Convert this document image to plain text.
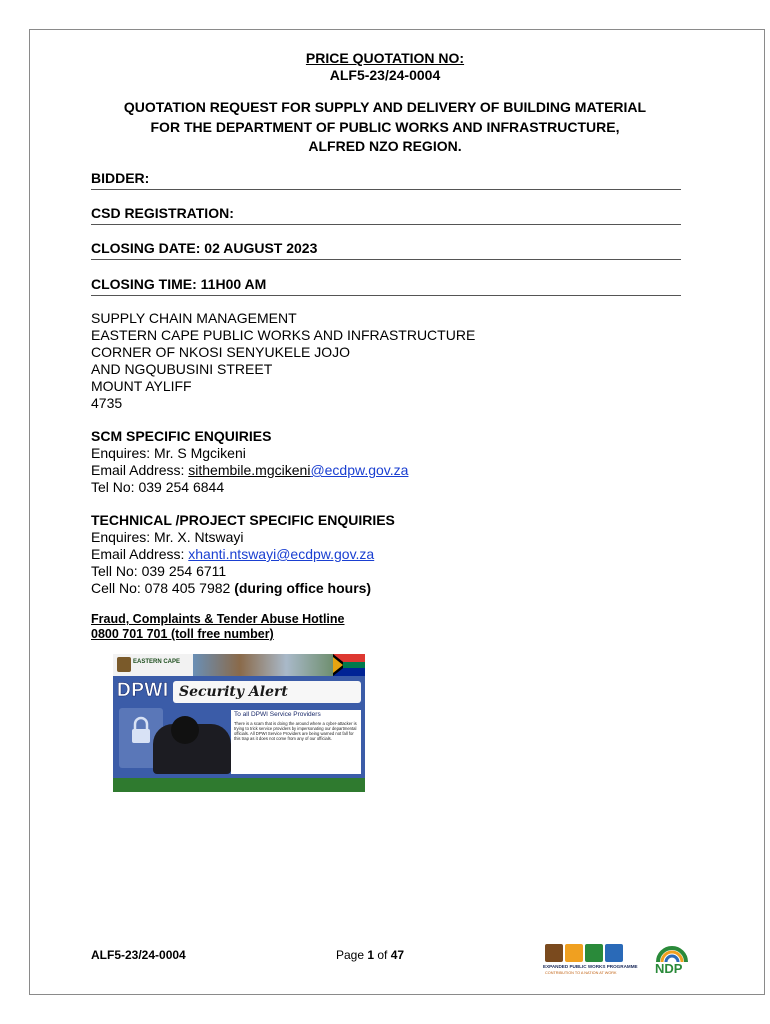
PRICE QUOTATION NO:
ALF5-23/24-0004
QUOTATION REQUEST FOR SUPPLY AND DELIVERY OF BUILDING MATERIAL
FOR THE DEPARTMENT OF PUBLIC WORKS AND INFRASTRUCTURE,
ALFRED NZO REGION.
BIDDER:
CSD REGISTRATION:
CLOSING DATE: 02 AUGUST 2023
CLOSING TIME: 11H00 AM
SUPPLY CHAIN MANAGEMENT
EASTERN CAPE PUBLIC WORKS AND INFRASTRUCTURE
CORNER OF NKOSI SENYUKELE JOJO
AND NGQUBUSINI STREET
MOUNT AYLIFF
4735
SCM SPECIFIC ENQUIRIES
Enquires: Mr. S Mgcikeni
Email Address: sithembile.mgcikeni@ecdpw.gov.za
Tel No: 039 254 6844
TECHNICAL /PROJECT SPECIFIC ENQUIRIES
Enquires: Mr. X. Ntswayi
Email Address: xhanti.ntswayi@ecdpw.gov.za
Tell No: 039 254 6711
Cell No: 078 405 7982 (during office hours)
Fraud, Complaints & Tender Abuse Hotline
0800 701 701 (toll free number)
EASTERN CAPE
DPWI Security Alert
To all DPWI Service Providers
There is a scam that is doing the around where a cyber-attacker is trying to trick service providers by impersonating our departmental officials. All DPWI Service Providers are being warned not fall for this trap as it does not come from any of our officials.
ALF5-23/24-0004	Page 1 of 47
EXPANDED PUBLIC WORKS PROGRAMME
CONTRIBUTION TO A NATION AT WORK	NDP
